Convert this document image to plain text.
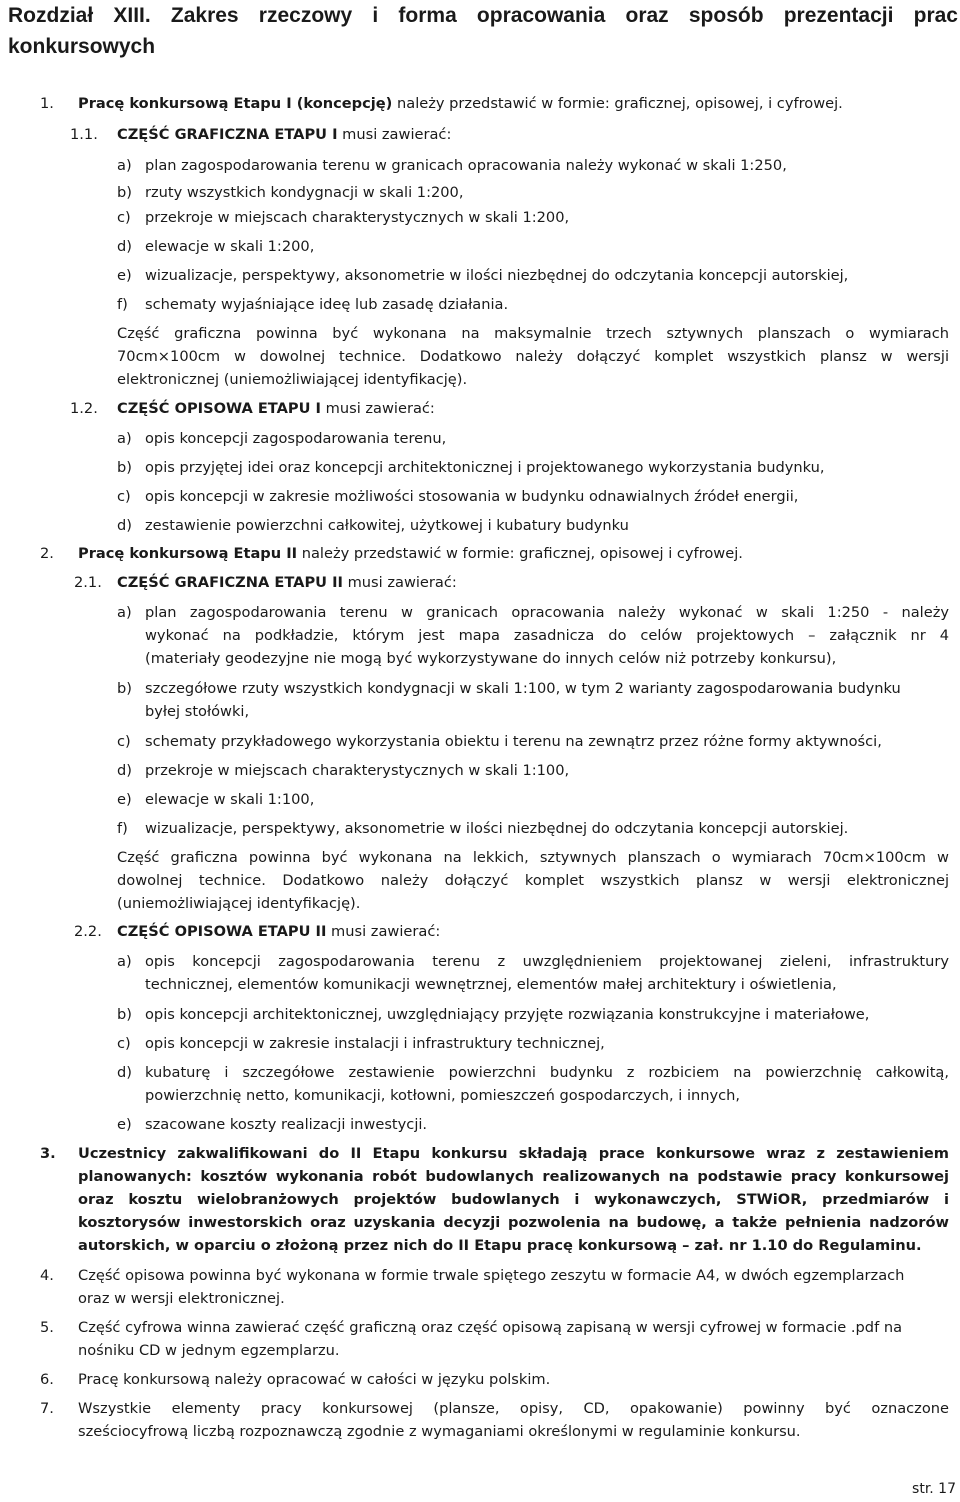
Rozdział XIII. Zakres rzeczowy i forma opracowania oraz sposób prezentacji prac
konkursowych
1. Pracę konkursową Etapu I (koncepcję) należy przedstawić w formie: graficznej, opisowej, i cyfrowej.
1.1. CZĘŚĆ GRAFICZNA ETAPU I musi zawierać:
a) plan zagospodarowania terenu w granicach opracowania należy wykonać w skali 1:250,
b) rzuty wszystkich kondygnacji w skali 1:200,
c) przekroje w miejscach charakterystycznych w skali 1:200,
d) elewacje w skali 1:200,
e) wizualizacje, perspektywy, aksonometrie w ilości niezbędnej do odczytania koncepcji autorskiej,
f) schematy wyjaśniające ideę lub zasadę działania.
Część graficzna powinna być wykonana na maksymalnie trzech sztywnych planszach o wymiarach
70cm×100cm w dowolnej technice. Dodatkowo należy dołączyć komplet wszystkich plansz w wersji
elektronicznej (uniemożliwiającej identyfikację).
1.2. CZĘŚĆ OPISOWA ETAPU I musi zawierać:
a) opis koncepcji zagospodarowania terenu,
b) opis przyjętej idei oraz koncepcji architektonicznej i projektowanego wykorzystania budynku,
c) opis koncepcji w zakresie możliwości stosowania w budynku odnawialnych źródeł energii,
d) zestawienie powierzchni całkowitej, użytkowej i kubatury budynku
2. Pracę konkursową Etapu II należy przedstawić w formie: graficznej, opisowej i cyfrowej.
2.1. CZĘŚĆ GRAFICZNA ETAPU II musi zawierać:
a) plan zagospodarowania terenu w granicach opracowania należy wykonać w skali 1:250 - należy
wykonać na podkładzie, którym jest mapa zasadnicza do celów projektowych – załącznik nr 4
(materiały geodezyjne nie mogą być wykorzystywane do innych celów niż potrzeby konkursu),
b) szczegółowe rzuty wszystkich kondygnacji w skali 1:100, w tym 2 warianty zagospodarowania budynku
byłej stołówki,
c) schematy przykładowego wykorzystania obiektu i terenu na zewnątrz przez różne formy aktywności,
d) przekroje w miejscach charakterystycznych w skali 1:100,
e) elewacje w skali 1:100,
f) wizualizacje, perspektywy, aksonometrie w ilości niezbędnej do odczytania koncepcji autorskiej.
Część graficzna powinna być wykonana na lekkich, sztywnych planszach o wymiarach 70cm×100cm w
dowolnej technice. Dodatkowo należy dołączyć komplet wszystkich plansz w wersji elektronicznej
(uniemożliwiającej identyfikację).
2.2. CZĘŚĆ OPISOWA ETAPU II musi zawierać:
a) opis koncepcji zagospodarowania terenu z uwzględnieniem projektowanej zieleni, infrastruktury
technicznej, elementów komunikacji wewnętrznej, elementów małej architektury i oświetlenia,
b) opis koncepcji architektonicznej, uwzględniający przyjęte rozwiązania konstrukcyjne i materiałowe,
c) opis koncepcji w zakresie instalacji i infrastruktury technicznej,
d) kubaturę i szczegółowe zestawienie powierzchni budynku z rozbiciem na powierzchnię całkowitą,
powierzchnię netto, komunikacji, kotłowni, pomieszczeń gospodarczych, i innych,
e) szacowane koszty realizacji inwestycji.
3. Uczestnicy zakwalifikowani do II Etapu konkursu składają prace konkursowe wraz z zestawieniem
planowanych: kosztów wykonania robót budowlanych realizowanych na podstawie pracy konkursowej
oraz kosztu wielobranżowych projektów budowlanych i wykonawczych, STWiOR, przedmiarów i
kosztorysów inwestorskich oraz uzyskania decyzji pozwolenia na budowę, a także pełnienia nadzorów
autorskich, w oparciu o złożoną przez nich do II Etapu pracę konkursową – zał. nr 1.10 do Regulaminu.
4. Część opisowa powinna być wykonana w formie trwale spiętego zeszytu w formacie A4, w dwóch egzemplarzach
oraz w wersji elektronicznej.
5. Część cyfrowa winna zawierać część graficzną oraz część opisową zapisaną w wersji cyfrowej w formacie .pdf na
nośniku CD w jednym egzemplarzu.
6. Pracę konkursową należy opracować w całości w języku polskim.
7. Wszystkie elementy pracy konkursowej (plansze, opisy, CD, opakowanie) powinny być oznaczone
sześciocyfrową liczbą rozpoznawczą zgodnie z wymaganiami określonymi w regulaminie konkursu.
str. 17
